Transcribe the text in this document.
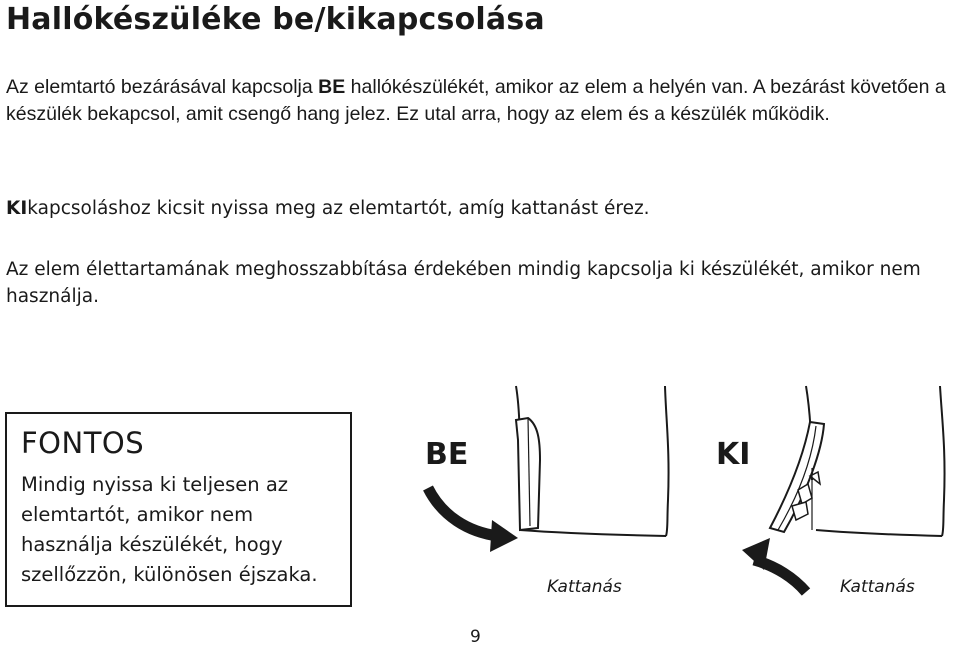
Hallókészüléke be/kikapcsolása

Az elemtartó bezárásával kapcsolja BE hallókészülékét, amikor az elem a helyén van. A bezárást követően a készülék bekapcsol, amit csengő hang jelez. Ez utal arra, hogy az elem és a készülék működik.

KIkapcsoláshoz kicsit nyissa meg az elemtartót, amíg kattanást érez.

Az elem élettartamának meghosszabbítása érdekében mindig kapcsolja ki készülékét, amikor nem használja.

FONTOS

Mindig nyissa ki teljesen az elemtartót, amikor nem használja készülékét, hogy szellőzzön, különösen éjszaka.

BE

Kattanás

KI

Kattanás

9
